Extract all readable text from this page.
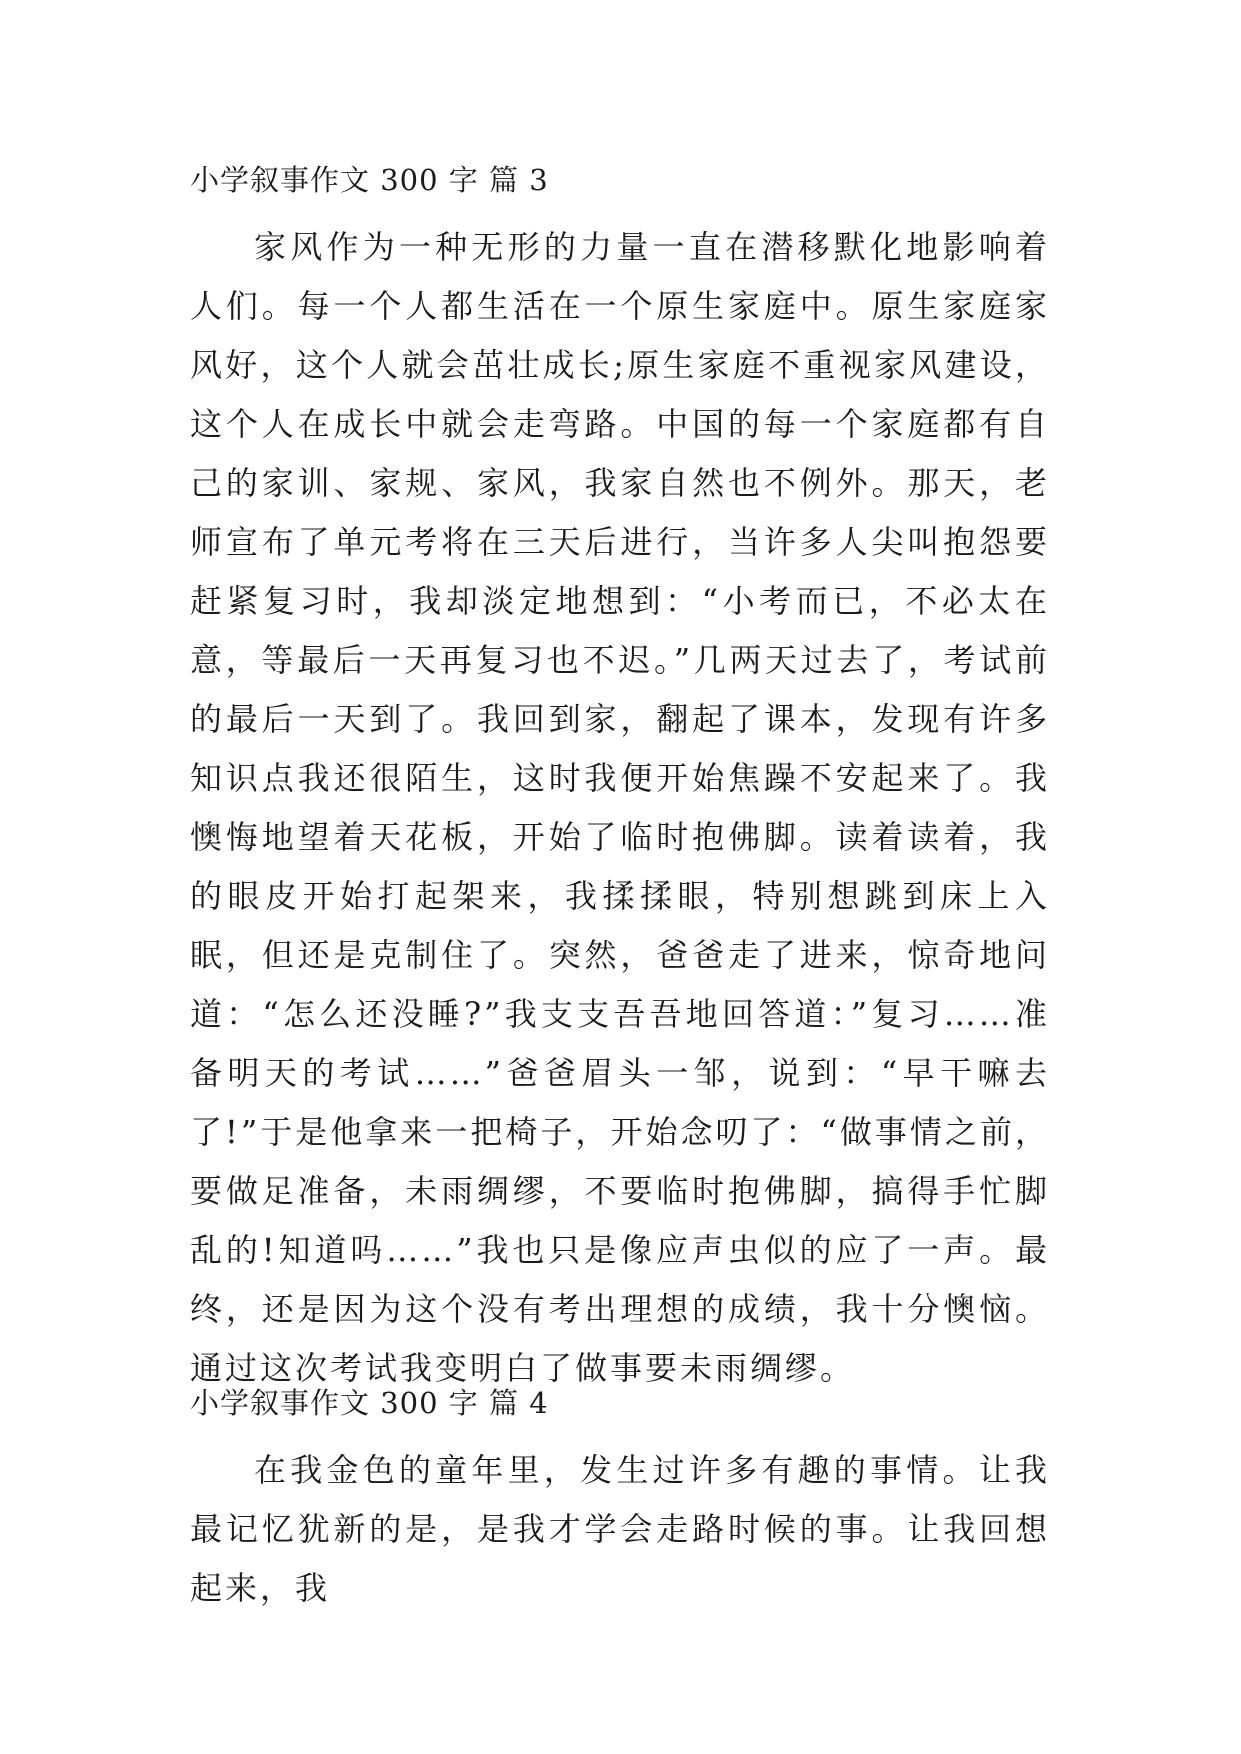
小学叙事作文 300 字 篇 3

家风作为一种无形的力量一直在潜移默化地影响着人们。每一个人都生活在一个原生家庭中。原生家庭家风好，这个人就会茁壮成长;原生家庭不重视家风建设，这个人在成长中就会走弯路。中国的每一个家庭都有自己的家训、家规、家风，我家自然也不例外。那天，老师宣布了单元考将在三天后进行，当许多人尖叫抱怨要赶紧复习时，我却淡定地想到：“小考而已，不必太在意，等最后一天再复习也不迟。”几两天过去了，考试前的最后一天到了。我回到家，翻起了课本，发现有许多知识点我还很陌生，这时我便开始焦躁不安起来了。我懊悔地望着天花板，开始了临时抱佛脚。读着读着，我的眼皮开始打起架来，我揉揉眼，特别想跳到床上入眠，但还是克制住了。突然，爸爸走了进来，惊奇地问道：“怎么还没睡?”我支支吾吾地回答道：”复习……准备明天的考试……”爸爸眉头一邹，说到：“早干嘛去了!”于是他拿来一把椅子，开始念叨了：“做事情之前，要做足准备，未雨绸缪，不要临时抱佛脚，搞得手忙脚乱的!知道吗……”我也只是像应声虫似的应了一声。最终，还是因为这个没有考出理想的成绩，我十分懊恼。通过这次考试我变明白了做事要未雨绸缪。

小学叙事作文 300 字 篇 4

在我金色的童年里，发生过许多有趣的事情。让我最记忆犹新的是，是我才学会走路时候的事。让我回想起来，我
